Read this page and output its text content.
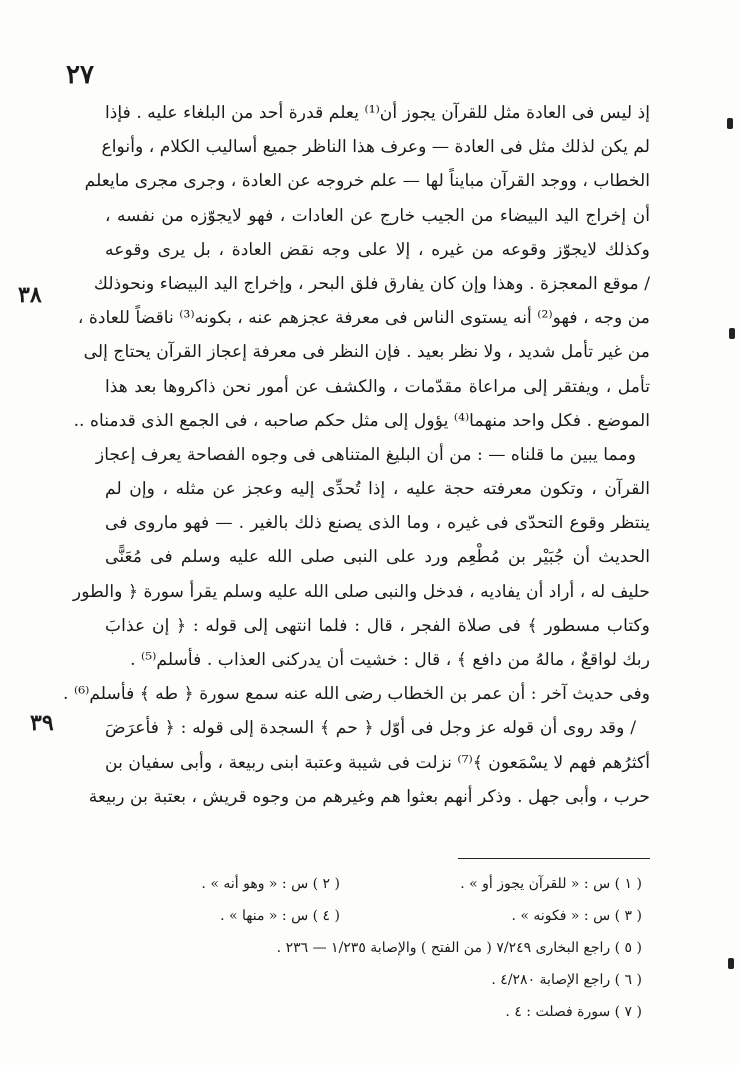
٢٧
٣٨
٣٩
إذ ليس فى العادة مثل للقرآن يجوز أن⁽¹⁾ يعلم قدرة أحد من البلغاء عليه . فإذا
لم يكن لذلك مثل فى العادة — وعرف هذا الناظر جميع أساليب الكلام ، وأنواع
الخطاب ، ووجد القرآن مبايناً لها — علم خروجه عن العادة ، وجرى مجرى مايعلم
أن إخراج اليد البيضاء من الجيب خارج عن العادات ، فهو لايجوّزه من نفسه ،
وكذلك لايجوّز وقوعه من غيره ، إلا على وجه نقض العادة ، بل يرى وقوعه
/ موقع المعجزة . وهذا وإن كان يفارق فلق البحر ، وإخراج اليد البيضاء ونحوذلك
من وجه ، فهو⁽²⁾ أنه يستوى الناس فى معرفة عجزهم عنه ، بكونه⁽³⁾ ناقضاً للعادة ،
من غير تأمل شديد ، ولا نظر بعيد . فإن النظر فى معرفة إعجاز القرآن يحتاج إلى
تأمل ، ويفتقر إلى مراعاة مقدّمات ، والكشف عن أمور نحن ذاكروها بعد هذا
الموضع . فكل واحد منهما⁽⁴⁾ يؤول إلى مثل حكم صاحبه ، فى الجمع الذى قدمناه ..
ومما يبين ما قلناه — : من أن البليغ المتناهى فى وجوه الفصاحة يعرف إعجاز
القرآن ، وتكون معرفته حجة عليه ، إذا تُحدِّى إليه وعجز عن مثله ، وإن لم
ينتظر وقوع التحدّى فى غيره ، وما الذى يصنع ذلك بالغير . — فهو ماروى فى
الحديث أن جُبَيْر بن مُطْعِم ورد على النبى صلى الله عليه وسلم فى مُعَنًّى
حليف له ، أراد أن يفاديه ، فدخل والنبى صلى الله عليه وسلم يقرأ سورة ﴿ والطور
وكتاب مسطور ﴾ فى صلاة الفجر ، قال : فلما انتهى إلى قوله : ﴿ إن عذابَ
ربك لواقعٌ ، مالهُ من دافع ﴾ ، قال : خشيت أن يدركنى العذاب . فأسلم⁽⁵⁾ .
وفى حديث آخر : أن عمر بن الخطاب رضى الله عنه سمع سورة ﴿ طه ﴾ فأسلم⁽⁶⁾ .
/ وقد روى أن قوله عز وجل فى أوّل ﴿ حم ﴾ السجدة إلى قوله : ﴿ فأعرَضَ
أكثرُهم فهم لا يسْمَعون ﴾⁽⁷⁾ نزلت فى شيبة وعتبة ابنى ربيعة ، وأبى سفيان بن
حرب ، وأبى جهل . وذكر أنهم بعثوا هم وغيرهم من وجوه قريش ، بعتبة بن ربيعة
( ١ ) س : « للقرآن يجوز أو » .
( ٢ ) س : « وهو أنه » .
( ٣ ) س : « فكونه » .
( ٤ ) س : « منها » .
( ٥ ) راجع البخارى ٧/٢٤٩ ( من الفتح ) والإصابة ١/٢٣٥ — ٢٣٦ .
( ٦ ) راجع الإصابة ٤/٢٨٠ .
( ٧ ) سورة فصلت : ٤ .
